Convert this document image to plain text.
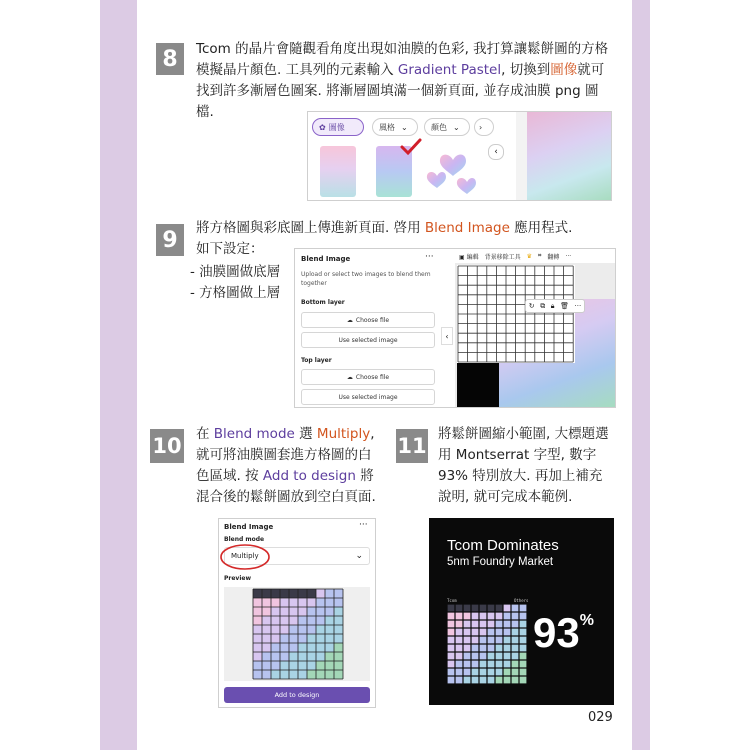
8	Tcom 的晶片會隨觀看角度出現如油膜的色彩, 我打算讓鬆餅圖的方格模擬晶片顏色. 工具列的元素輸入 Gradient Pastel, 切換到圖像就可找到許多漸層色圖案. 將漸層圖填滿一個新頁面, 並存成油膜 png 圖檔.
✿ 圖像	風格 ⌄	顏色 ⌄	›
‹
9	將方格圖與彩底圖上傳進新頁面. 啓用 Blend Image 應用程式. 如下設定：
- 油膜圖做底層
- 方格圖做上層
Blend Image	···
Upload or select two images to blend them together
Bottom layer
☁ Choose file
Use selected image
Top layer
☁ Choose file
Use selected image
‹
▣ 編輯 背景移除工具 ♛ ⌗ 翻轉 ···
↻ ⧉ 🔒︎ 🗑︎ ···
10 在 Blend mode 選 Multiply, 就可將油膜圖套進方格圖的白色區域. 按 Add to design 將混合後的鬆餅圖放到空白頁面.
Blend Image	···
Blend mode
Multiply	⌄
Preview
Add to design
11 將鬆餅圖縮小範圍, 大標題選用 Montserrat 字型, 數字 93% 特別放大. 再加上補充說明, 就可完成本範例.
Tcom Dominates
5nm Foundry Market
Tcom	Others
93%
029
